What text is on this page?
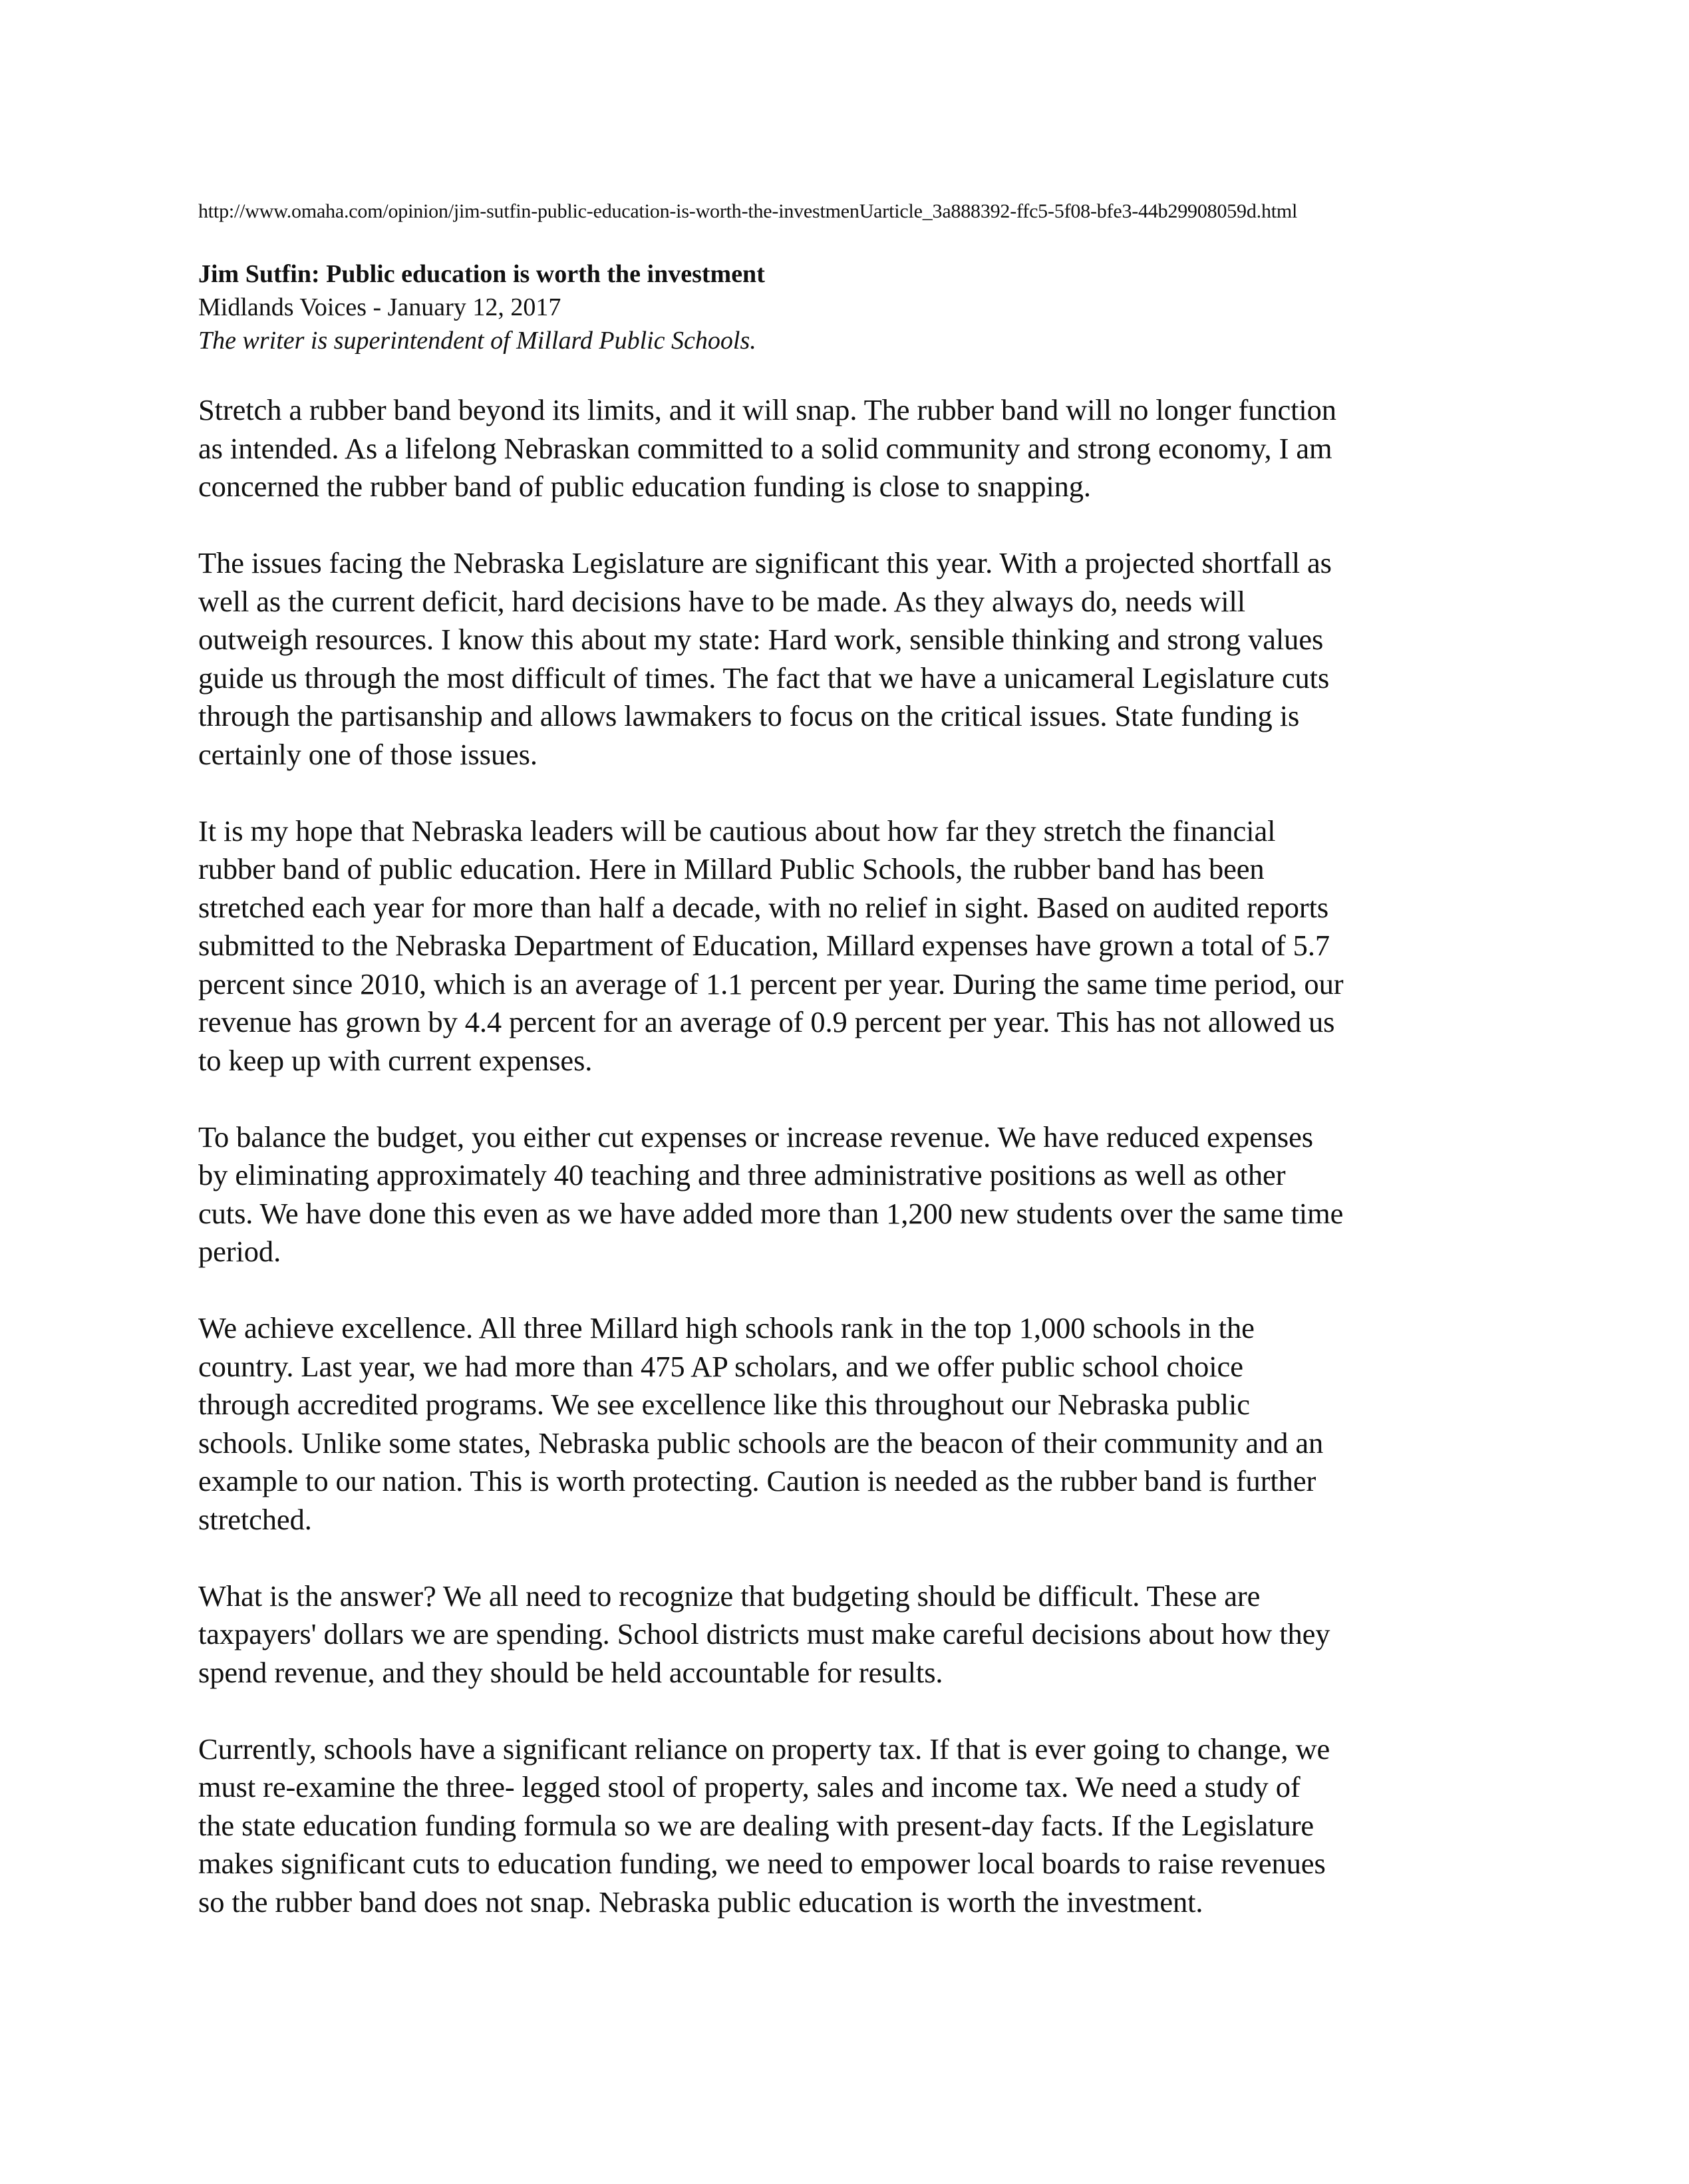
http://www.omaha.com/opinion/jim-sutfin-public-education-is-worth-the-investmenUarticle_3a888392-ffc5-5f08-bfe3-44b29908059d.html
Jim Sutfin: Public education is worth the investment
Midlands Voices - January 12, 2017
The writer is superintendent of Millard Public Schools.

Stretch a rubber band beyond its limits, and it will snap. The rubber band will no longer function
as intended. As a lifelong Nebraskan committed to a solid community and strong economy, I am
concerned the rubber band of public education funding is close to snapping.

The issues facing the Nebraska Legislature are significant this year. With a projected shortfall as
well as the current deficit, hard decisions have to be made. As they always do, needs will
outweigh resources. I know this about my state: Hard work, sensible thinking and strong values
guide us through the most difficult of times. The fact that we have a unicameral Legislature cuts
through the partisanship and allows lawmakers to focus on the critical issues. State funding is
certainly one of those issues.

It is my hope that Nebraska leaders will be cautious about how far they stretch the financial
rubber band of public education. Here in Millard Public Schools, the rubber band has been
stretched each year for more than half a decade, with no relief in sight. Based on audited reports
submitted to the Nebraska Department of Education, Millard expenses have grown a total of 5.7
percent since 2010, which is an average of 1.1 percent per year. During the same time period, our
revenue has grown by 4.4 percent for an average of 0.9 percent per year. This has not allowed us
to keep up with current expenses.

To balance the budget, you either cut expenses or increase revenue. We have reduced expenses
by eliminating approximately 40 teaching and three administrative positions as well as other
cuts. We have done this even as we have added more than 1,200 new students over the same time
period.

We achieve excellence. All three Millard high schools rank in the top 1,000 schools in the
country. Last year, we had more than 475 AP scholars, and we offer public school choice
through accredited programs. We see excellence like this throughout our Nebraska public
schools. Unlike some states, Nebraska public schools are the beacon of their community and an
example to our nation. This is worth protecting. Caution is needed as the rubber band is further
stretched.

What is the answer? We all need to recognize that budgeting should be difficult. These are
taxpayers' dollars we are spending. School districts must make careful decisions about how they
spend revenue, and they should be held accountable for results.

Currently, schools have a significant reliance on property tax. If that is ever going to change, we
must re-examine the three- legged stool of property, sales and income tax. We need a study of
the state education funding formula so we are dealing with present-day facts. If the Legislature
makes significant cuts to education funding, we need to empower local boards to raise revenues
so the rubber band does not snap. Nebraska public education is worth the investment.
